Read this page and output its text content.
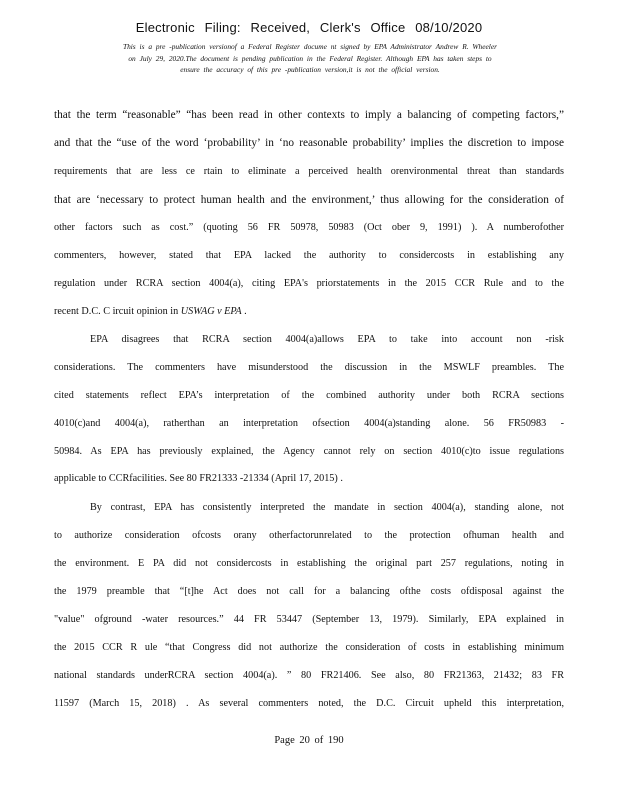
Electronic Filing: Received, Clerk's Office 08/10/2020
This is a pre -publication versionof a Federal Register docume nt signed by EPA Administrator Andrew R. Wheeler
on July 29, 2020.The document is pending publication in the Federal Register. Although EPA has taken steps to
ensure the accuracy of this pre -publication version,it is not the official version.
that the term “reasonable” “has been read in other contexts to imply a balancing of competing factors,”
and that the “use of the word ‘probability’ in ‘no reasonable probability’ implies the discretion to impose
requirements that are less ce rtain to eliminate a perceived health orenvironmental threat than standards
that are ‘necessary to protect human health and the environment,’ thus allowing for the consideration of
other factors such as cost.” (quoting 56 FR 50978, 50983 (Oct ober 9, 1991) ). A numberofother
commenters, however, stated that EPA lacked the authority to considercosts in establishing any
regulation under RCRA section 4004(a), citing EPA's priorstatements in the 2015 CCR Rule and to the
recent D.C. C ircuit opinion in USWAG v EPA .
EPA disagrees that RCRA section 4004(a)allows EPA to take into account non -risk
considerations. The commenters have misunderstood the discussion in the MSWLF preambles. The
cited statements reflect EPA’s interpretation of the combined authority under both RCRA sections
4010(c)and 4004(a), ratherthan an interpretation ofsection 4004(a)standing alone. 56 FR50983 -
50984. As EPA has previously explained, the Agency cannot rely on section 4010(c)to issue regulations
applicable to CCRfacilities. See 80 FR21333 -21334 (April 17, 2015) .
By contrast, EPA has consistently interpreted the mandate in section 4004(a), standing alone, not
to authorize consideration ofcosts orany otherfactorunrelated to the protection ofhuman health and
the environment. E PA did not considercosts in establishing the original part 257 regulations, noting in
the 1979 preamble that “[t]he Act does not call for a balancing ofthe costs ofdisposal against the
"value" ofground -water resources.” 44 FR 53447 (September 13, 1979). Similarly, EPA explained in
the 2015 CCR R ule “that Congress did not authorize the consideration of costs in establishing minimum
national standards underRCRA section 4004(a). ” 80 FR21406. See also, 80 FR21363, 21432; 83 FR
11597 (March 15, 2018) . As several commenters noted, the D.C. Circuit upheld this interpretation,
Page 20 of 190
